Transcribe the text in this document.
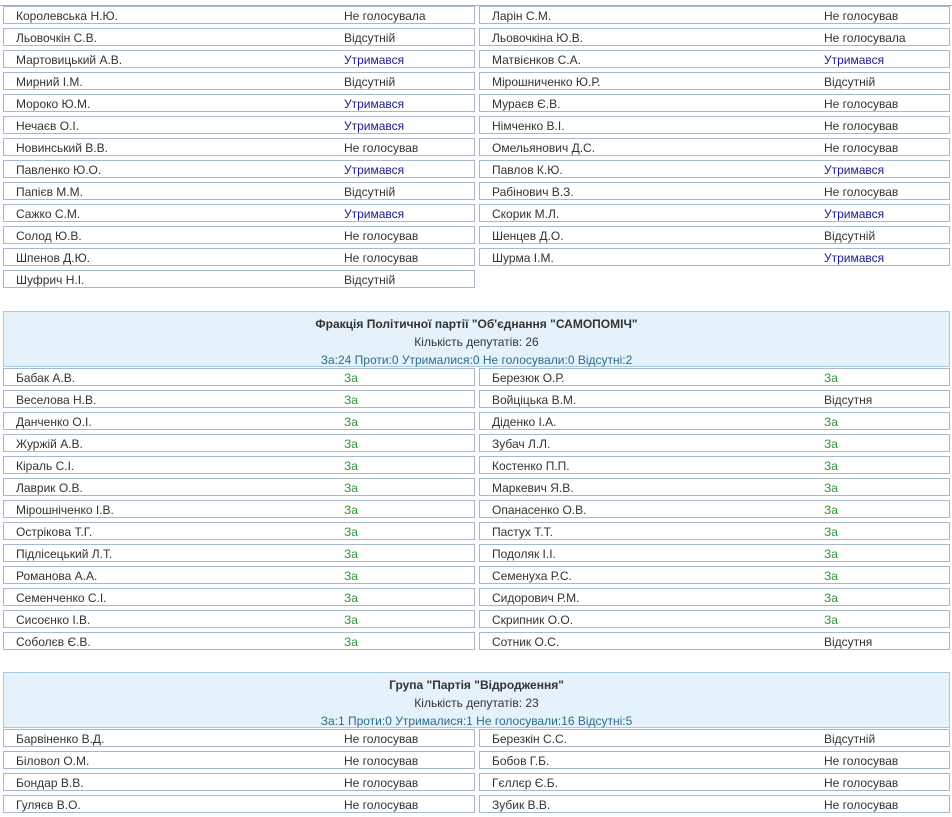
Королевська Н.Ю.	Не голосувала	Ларін С.М.	Не голосував
Льовочкін С.В.	Відсутній	Льовочкіна Ю.В.	Не голосувала
Мартовицький А.В.	Утримався	Матвієнков С.А.	Утримався
Мирний І.М.	Відсутній	Мірошниченко Ю.Р.	Відсутній
Мороко Ю.М.	Утримався	Мураєв Є.В.	Не голосував
Нечаєв О.І.	Утримався	Німченко В.І.	Не голосував
Новинський В.В.	Не голосував	Омельянович Д.С.	Не голосував
Павленко Ю.О.	Утримався	Павлов К.Ю.	Утримався
Папієв М.М.	Відсутній	Рабінович В.З.	Не голосував
Сажко С.М.	Утримався	Скорик М.Л.	Утримався
Солод Ю.В.	Не голосував	Шенцев Д.О.	Відсутній
Шпенов Д.Ю.	Не голосував	Шурма І.М.	Утримався
Шуфрич Н.І.	Відсутній
Фракція Політичної партії "Об'єднання "САМОПОМІЧ"
Кількість депутатів: 26
За:24 Проти:0 Утрималися:0 Не голосували:0 Відсутні:2
Бабак А.В.	За	Березюк О.Р.	За
Веселова Н.В.	За	Войціцька В.М.	Відсутня
Данченко О.І.	За	Діденко І.А.	За
Журжій А.В.	За	Зубач Л.Л.	За
Кіраль С.І.	За	Костенко П.П.	За
Лаврик О.В.	За	Маркевич Я.В.	За
Мірошніченко І.В.	За	Опанасенко О.В.	За
Острікова Т.Г.	За	Пастух Т.Т.	За
Підлісецький Л.Т.	За	Подоляк І.І.	За
Романова А.А.	За	Семенуха Р.С.	За
Семенченко С.І.	За	Сидорович Р.М.	За
Сисоєнко І.В.	За	Скрипник О.О.	За
Соболєв Є.В.	За	Сотник О.С.	Відсутня
Група "Партія "Відродження"
Кількість депутатів: 23
За:1 Проти:0 Утрималися:1 Не голосували:16 Відсутні:5
Барвіненко В.Д.	Не голосував	Березкін С.С.	Відсутній
Біловол О.М.	Не голосував	Бобов Г.Б.	Не голосував
Бондар В.В.	Не голосував	Гєллєр Є.Б.	Не голосував
Гуляєв В.О.	Не голосував	Зубик В.В.	Не голосував
